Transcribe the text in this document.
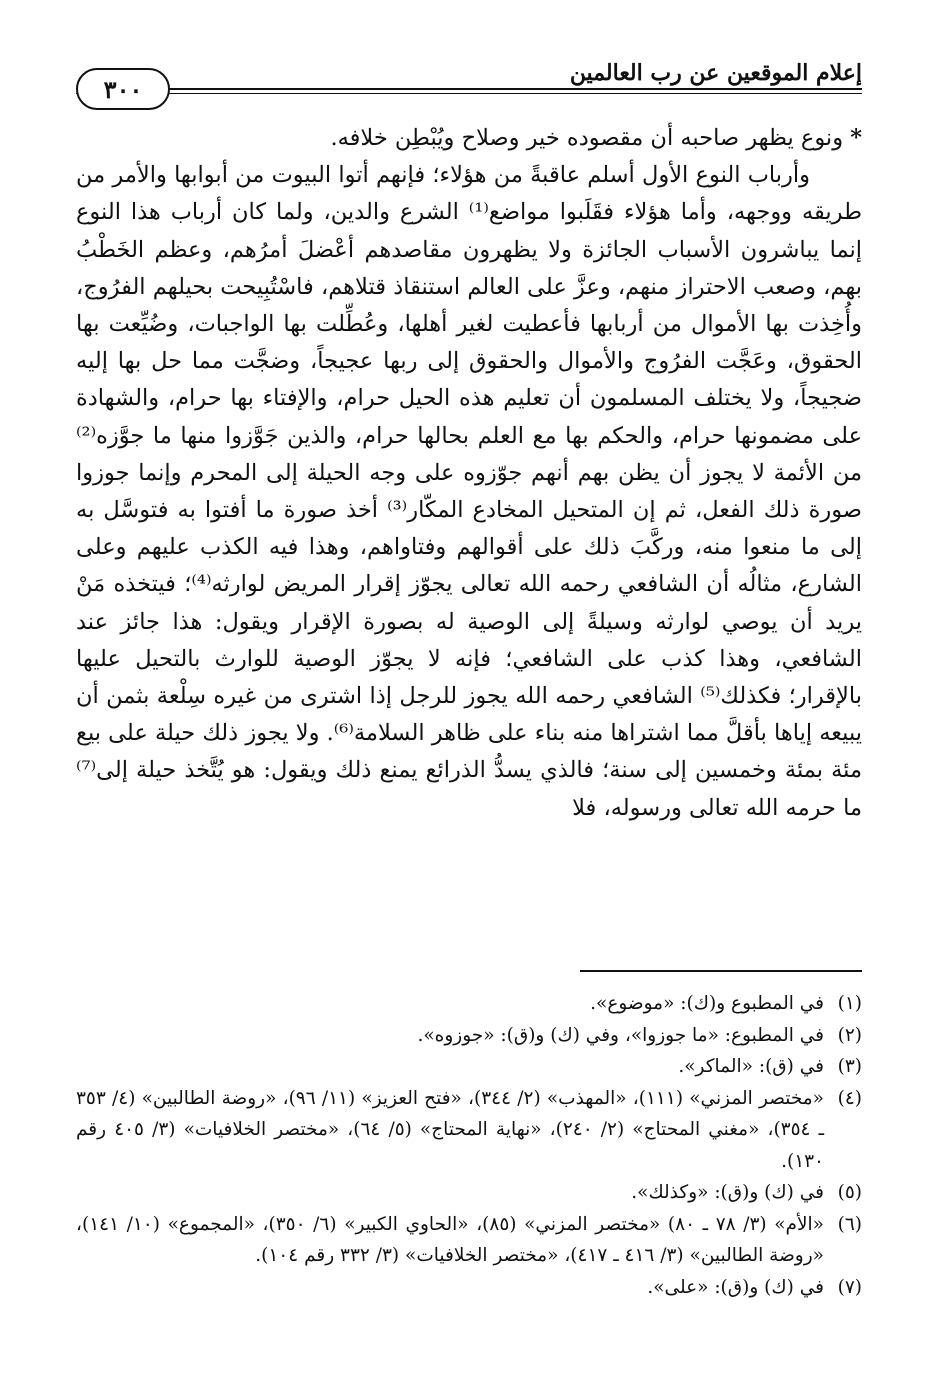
إعلام الموقعين عن رب العالمين
٣٠٠

* ونوع يظهر صاحبه أن مقصوده خير وصلاح ويُبْطِن خلافه.

وأرباب النوع الأول أسلم عاقبةً من هؤلاء؛ فإنهم أتوا البيوت من أبوابها والأمر من طريقه ووجهه، وأما هؤلاء فقَلَبوا مواضع⁽¹⁾ الشرع والدين، ولما كان أرباب هذا النوع إنما يباشرون الأسباب الجائزة ولا يظهرون مقاصدهم أعْضلَ أمرُهم، وعظم الخَطْبُ بهم، وصعب الاحتراز منهم، وعزَّ على العالم استنقاذ قتلاهم، فاسْتُبِيحت بحيلهم الفرُوج، وأُخِذت بها الأموال من أربابها فأعطيت لغير أهلها، وعُطِّلت بها الواجبات، وضُيِّعت بها الحقوق، وعَجَّت الفرُوج والأموال والحقوق إلى ربها عجيجاً، وضجَّت مما حل بها إليه ضجيجاً، ولا يختلف المسلمون أن تعليم هذه الحيل حرام، والإفتاء بها حرام، والشهادة على مضمونها حرام، والحكم بها مع العلم بحالها حرام، والذين جَوَّزوا منها ما جوَّزه⁽²⁾ من الأئمة لا يجوز أن يظن بهم أنهم جوّزوه على وجه الحيلة إلى المحرم وإنما جوزوا صورة ذلك الفعل، ثم إن المتحيل المخادع المكّار⁽³⁾ أخذ صورة ما أفتوا به فتوسَّل به إلى ما منعوا منه، وركَّبَ ذلك على أقوالهم وفتاواهم، وهذا فيه الكذب عليهم وعلى الشارع، مثالُه أن الشافعي رحمه الله تعالى يجوّز إقرار المريض لوارثه⁽⁴⁾؛ فيتخذه مَنْ يريد أن يوصي لوارثه وسيلةً إلى الوصية له بصورة الإقرار ويقول: هذا جائز عند الشافعي، وهذا كذب على الشافعي؛ فإنه لا يجوّز الوصية للوارث بالتحيل عليها بالإقرار؛ فكذلك⁽⁵⁾ الشافعي رحمه الله يجوز للرجل إذا اشترى من غيره سِلْعة بثمن أن يبيعه إياها بأقلَّ مما اشتراها منه بناء على ظاهر السلامة⁽⁶⁾. ولا يجوز ذلك حيلة على بيع مئة بمئة وخمسين إلى سنة؛ فالذي يسدُّ الذرائع يمنع ذلك ويقول: هو يُتَّخذ حيلة إلى⁽⁷⁾ ما حرمه الله تعالى ورسوله، فلا

(١)
في المطبوع و(ك): «موضوع».
(٢)
في المطبوع: «ما جوزوا»، وفي (ك) و(ق): «جوزوه».
(٣)
في (ق): «الماكر».
(٤)
«مختصر المزني» (١١١)، «المهذب» (٢/ ٣٤٤)، «فتح العزيز» (١١/ ٩٦)، «روضة الطالبين» (٤/ ٣٥٣ ـ ٣٥٤)، «مغني المحتاج» (٢/ ٢٤٠)، «نهاية المحتاج» (٥/ ٦٤)، «مختصر الخلافيات» (٣/ ٤٠٥ رقم ١٣٠).
(٥)
في (ك) و(ق): «وكذلك».
(٦)
«الأم» (٣/ ٧٨ ـ ٨٠) «مختصر المزني» (٨٥)، «الحاوي الكبير» (٦/ ٣٥٠)، «المجموع» (١٠/ ١٤١)، «روضة الطالبين» (٣/ ٤١٦ ـ ٤١٧)، «مختصر الخلافيات» (٣/ ٣٣٢ رقم ١٠٤).
(٧)
في (ك) و(ق): «على».
